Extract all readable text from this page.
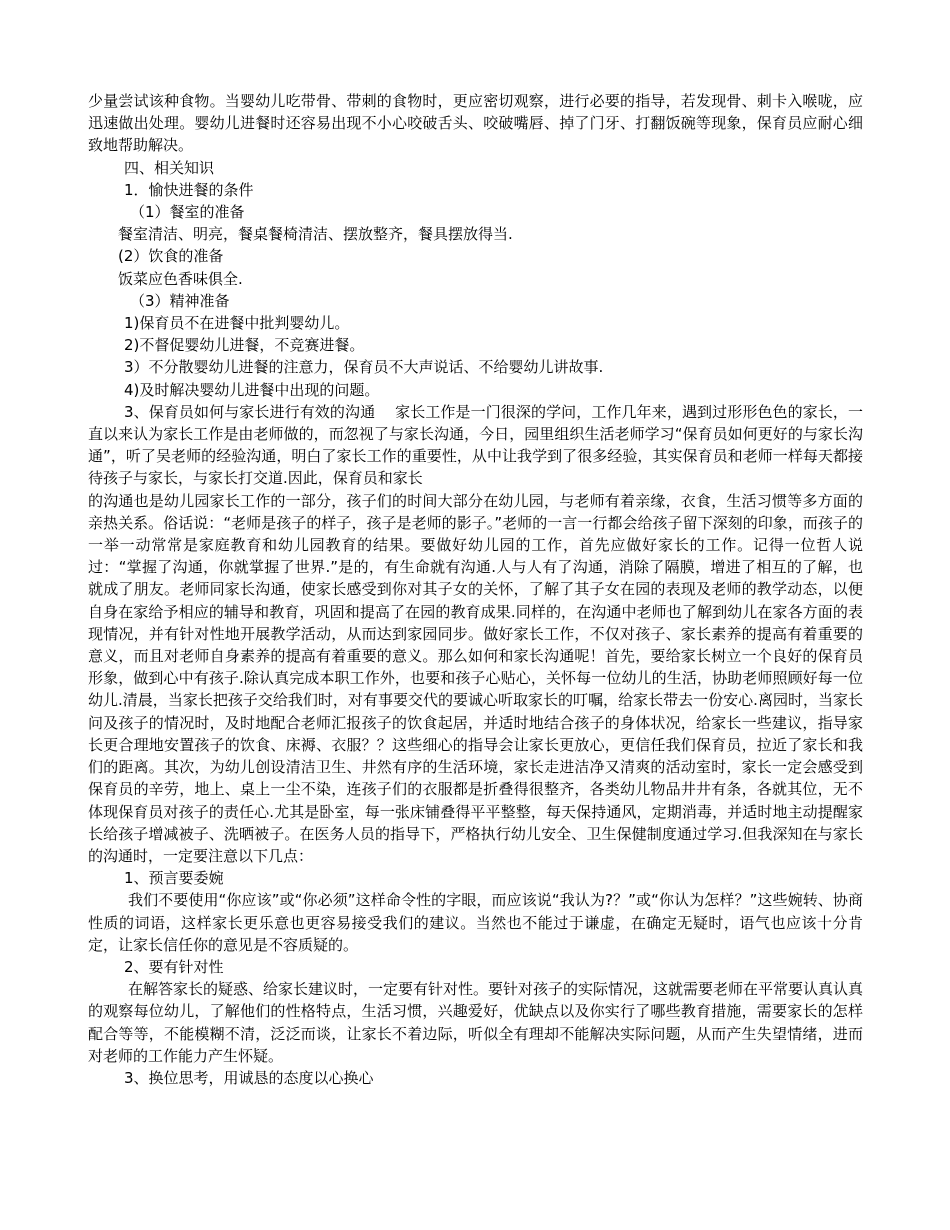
少量尝试该种食物。当婴幼儿吃带骨、带刺的食物时，更应密切观察，进行必要的指导，若发现骨、刺卡入喉咙，应迅速做出处理。婴幼儿进餐时还容易出现不小心咬破舌头、咬破嘴唇、掉了门牙、打翻饭碗等现象，保育员应耐心细致地帮助解决。

四、相关知识

1．愉快进餐的条件

（1）餐室的准备

餐室清洁、明亮，餐桌餐椅清洁、摆放整齐，餐具摆放得当.

(2）饮食的准备

饭菜应色香味俱全.

（3）精神准备

1)保育员不在进餐中批判婴幼儿。

2)不督促婴幼儿进餐，不竞赛进餐。

3）不分散婴幼儿进餐的注意力，保育员不大声说话、不给婴幼儿讲故事.

4)及时解决婴幼儿进餐中出现的问题。

3、保育员如何与家长进行有效的沟通　 家长工作是一门很深的学问，工作几年来，遇到过形形色色的家长，一直以来认为家长工作是由老师做的，而忽视了与家长沟通，今日，园里组织生活老师学习“保育员如何更好的与家长沟通”，听了吴老师的经验沟通，明白了家长工作的重要性，从中让我学到了很多经验，其实保育员和老师一样每天都接待孩子与家长，与家长打交道.因此，保育员和家长

的沟通也是幼儿园家长工作的一部分，孩子们的时间大部分在幼儿园，与老师有着亲缘，衣食，生活习惯等多方面的亲热关系。俗话说：“老师是孩子的样子，孩子是老师的影子。”老师的一言一行都会给孩子留下深刻的印象，而孩子的一举一动常常是家庭教育和幼儿园教育的结果。要做好幼儿园的工作，首先应做好家长的工作。记得一位哲人说过：“掌握了沟通，你就掌握了世界.”是的，有生命就有沟通.人与人有了沟通，消除了隔膜，增进了相互的了解，也就成了朋友。老师同家长沟通，使家长感受到你对其子女的关怀，了解了其子女在园的表现及老师的教学动态，以便自身在家给予相应的辅导和教育，巩固和提高了在园的教育成果.同样的，在沟通中老师也了解到幼儿在家各方面的表现情况，并有针对性地开展教学活动，从而达到家园同步。做好家长工作，不仅对孩子、家长素养的提高有着重要的意义，而且对老师自身素养的提高有着重要的意义。那么如何和家长沟通呢！首先，要给家长树立一个良好的保育员形象，做到心中有孩子.除认真完成本职工作外，也要和孩子心贴心，关怀每一位幼儿的生活，协助老师照顾好每一位幼儿.清晨，当家长把孩子交给我们时，对有事要交代的要诚心听取家长的叮嘱，给家长带去一份安心.离园时，当家长问及孩子的情况时，及时地配合老师汇报孩子的饮食起居，并适时地结合孩子的身体状况，给家长一些建议，指导家长更合理地安置孩子的饮食、床褥、衣服？？这些细心的指导会让家长更放心，更信任我们保育员，拉近了家长和我们的距离。其次，为幼儿创设清洁卫生、井然有序的生活环境，家长走进洁净又清爽的活动室时，家长一定会感受到保育员的辛劳，地上、桌上一尘不染，连孩子们的衣服都是折叠得很整齐，各类幼儿物品井井有条，各就其位，无不体现保育员对孩子的责任心.尤其是卧室，每一张床铺叠得平平整整，每天保持通风，定期消毒，并适时地主动提醒家长给孩子增减被子、洗晒被子。在医务人员的指导下，严格执行幼儿安全、卫生保健制度通过学习.但我深知在与家长的沟通时，一定要注意以下几点：

1、预言要委婉

我们不要使用“你应该”或“你必须”这样命令性的字眼，而应该说“我认为?？”或“你认为怎样？”这些婉转、协商性质的词语，这样家长更乐意也更容易接受我们的建议。当然也不能过于谦虚，在确定无疑时，语气也应该十分肯定，让家长信任你的意见是不容质疑的。

2、要有针对性

在解答家长的疑惑、给家长建议时，一定要有针对性。要针对孩子的实际情况，这就需要老师在平常要认真认真的观察每位幼儿，了解他们的性格特点，生活习惯，兴趣爱好，优缺点以及你实行了哪些教育措施，需要家长的怎样配合等等，不能模糊不清，泛泛而谈，让家长不着边际，听似全有理却不能解决实际问题，从而产生失望情绪，进而对老师的工作能力产生怀疑。

3、换位思考，用诚恳的态度以心换心
